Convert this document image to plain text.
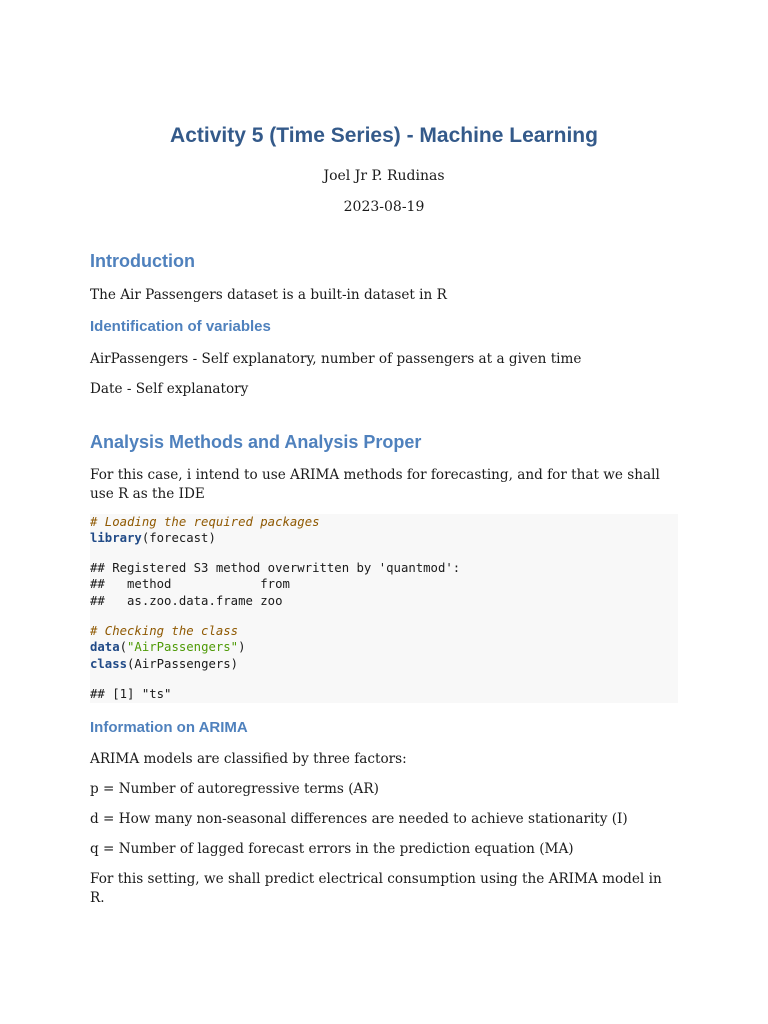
Activity 5 (Time Series) - Machine Learning

Joel Jr P. Rudinas

2023-08-19

Introduction

The Air Passengers dataset is a built-in dataset in R

Identification of variables

AirPassengers - Self explanatory, number of passengers at a given time

Date - Self explanatory

Analysis Methods and Analysis Proper

For this case, i intend to use ARIMA methods for forecasting, and for that we shall use R as the IDE

# Loading the required packages
library(forecast)
## Registered S3 method overwritten by 'quantmod':
##   method            from
##   as.zoo.data.frame zoo
# Checking the class
data("AirPassengers")
class(AirPassengers)
## [1] "ts"
Information on ARIMA

ARIMA models are classified by three factors:

p = Number of autoregressive terms (AR)

d = How many non-seasonal differences are needed to achieve stationarity (I)

q = Number of lagged forecast errors in the prediction equation (MA)

For this setting, we shall predict electrical consumption using the ARIMA model in R.
